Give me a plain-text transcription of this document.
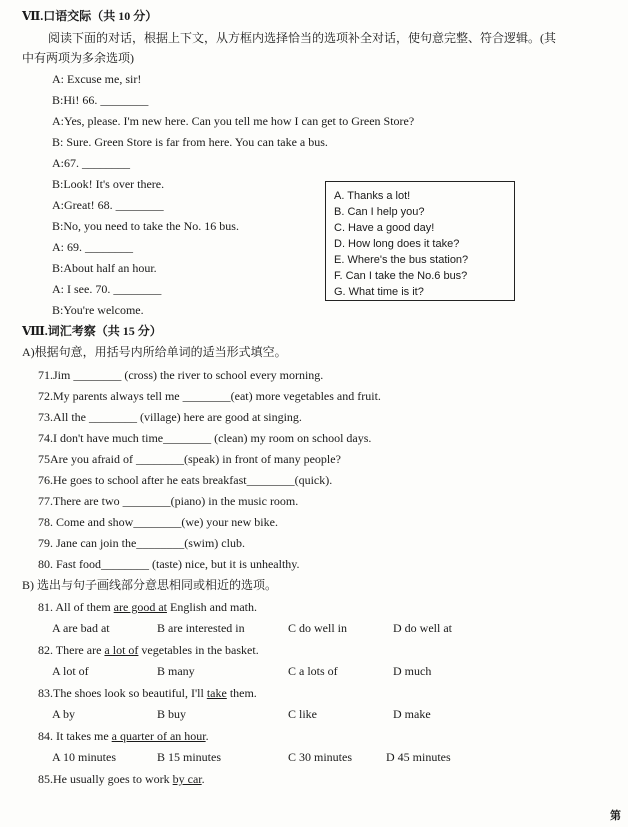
Ⅶ.口语交际（共 10 分）
阅读下面的对话，根据上下文，从方框内选择恰当的选项补全对话，使句意完整、符合逻辑。(其
中有两项为多余选项)
A: Excuse me, sir!
B:Hi! 66. ________
A:Yes, please. I'm new here. Can you tell me how I can get to Green Store?
B: Sure. Green Store is far from here. You can take a bus.
A:67. ________
B:Look! It's over there.
A:Great! 68. ________
B:No, you need to take the No. 16 bus.
A: 69. ________
B:About half an hour.
A: I see. 70. ________
B:You're welcome.
A. Thanks a lot!
B. Can I help you?
C. Have a good day!
D. How long does it take?
E. Where's the bus station?
F. Can I take the No.6 bus?
G. What time is it?
Ⅷ.词汇考察（共 15 分）
A)根据句意，用括号内所给单词的适当形式填空。
71.Jim ________ (cross) the river to school every morning.
72.My parents always tell me ________(eat) more vegetables and fruit.
73.All the ________ (village) here are good at singing.
74.I don't have much time________ (clean) my room on school days.
75Are you afraid of ________(speak) in front of many people?
76.He goes to school after he eats breakfast________(quick).
77.There are two ________(piano) in the music room.
78. Come and show________(we) your new bike.
79. Jane can join the________(swim) club.
80. Fast food________ (taste) nice, but it is unhealthy.
B) 选出与句子画线部分意思相同或相近的选项。
81. All of them are good at English and math.
A are bad at	B are interested in	C do well in	D do well at
82. There are a lot of vegetables in the basket.
A lot of	B many	C a lots of	D much
83.The shoes look so beautiful, I'll take them.
A by	B buy	C like	D make
84. It takes me a quarter of an hour.
A 10 minutes	B 15 minutes	C 30 minutes	D 45 minutes
85.He usually goes to work by car.
第
